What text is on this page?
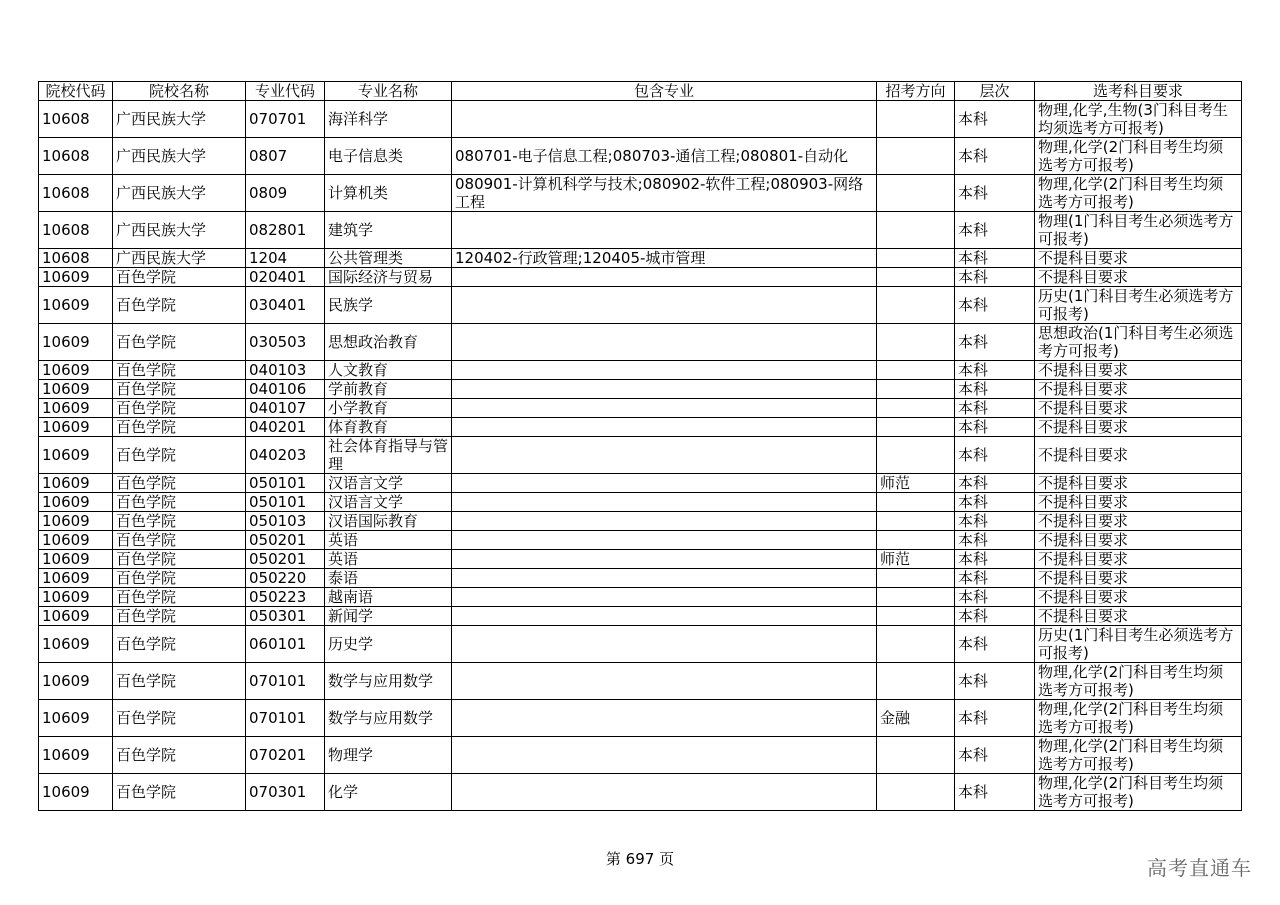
院校代码	院校名称	专业代码	专业名称	包含专业	招考方向	层次	选考科目要求
10608	广西民族大学	070701	海洋科学			本科	物理,化学,生物(3门科目考生均须选考方可报考)
10608	广西民族大学	0807	电子信息类	080701-电子信息工程;080703-通信工程;080801-自动化		本科	物理,化学(2门科目考生均须选考方可报考)
10608	广西民族大学	0809	计算机类	080901-计算机科学与技术;080902-软件工程;080903-网络工程		本科	物理,化学(2门科目考生均须选考方可报考)
10608	广西民族大学	082801	建筑学			本科	物理(1门科目考生必须选考方可报考)
10608	广西民族大学	1204	公共管理类	120402-行政管理;120405-城市管理		本科	不提科目要求
10609	百色学院	020401	国际经济与贸易			本科	不提科目要求
10609	百色学院	030401	民族学			本科	历史(1门科目考生必须选考方可报考)
10609	百色学院	030503	思想政治教育			本科	思想政治(1门科目考生必须选考方可报考)
10609	百色学院	040103	人文教育			本科	不提科目要求
10609	百色学院	040106	学前教育			本科	不提科目要求
10609	百色学院	040107	小学教育			本科	不提科目要求
10609	百色学院	040201	体育教育			本科	不提科目要求
10609	百色学院	040203	社会体育指导与管理			本科	不提科目要求
10609	百色学院	050101	汉语言文学		师范	本科	不提科目要求
10609	百色学院	050101	汉语言文学			本科	不提科目要求
10609	百色学院	050103	汉语国际教育			本科	不提科目要求
10609	百色学院	050201	英语			本科	不提科目要求
10609	百色学院	050201	英语		师范	本科	不提科目要求
10609	百色学院	050220	泰语			本科	不提科目要求
10609	百色学院	050223	越南语			本科	不提科目要求
10609	百色学院	050301	新闻学			本科	不提科目要求
10609	百色学院	060101	历史学			本科	历史(1门科目考生必须选考方可报考)
10609	百色学院	070101	数学与应用数学			本科	物理,化学(2门科目考生均须选考方可报考)
10609	百色学院	070101	数学与应用数学		金融	本科	物理,化学(2门科目考生均须选考方可报考)
10609	百色学院	070201	物理学			本科	物理,化学(2门科目考生均须选考方可报考)
10609	百色学院	070301	化学			本科	物理,化学(2门科目考生均须选考方可报考)
第 697 页	高考直通车
